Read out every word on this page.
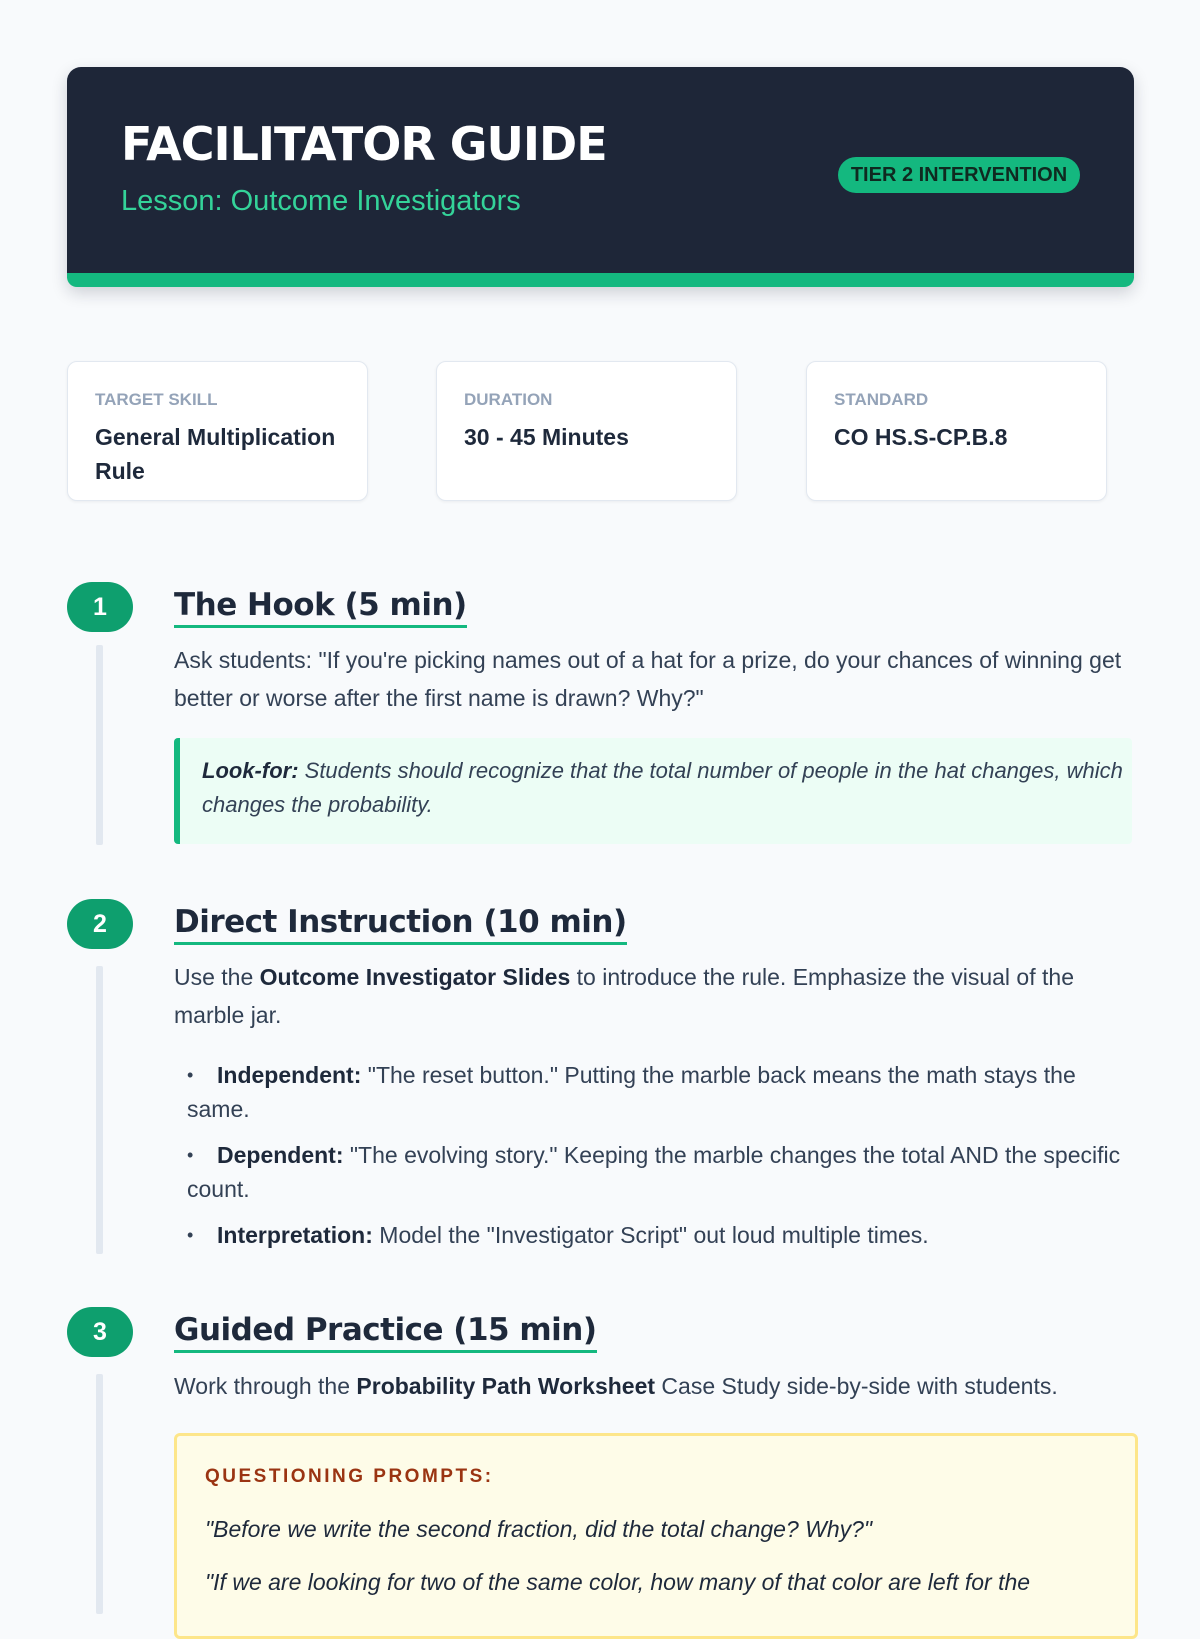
FACILITATOR GUIDE

Lesson: Outcome Investigators

TIER 2 INTERVENTION

TARGET SKILL

General Multiplication Rule

DURATION

30 - 45 Minutes

STANDARD

CO HS.S-CP.B.8

1	The Hook (5 min)

Ask students: "If you're picking names out of a hat for a prize, do your chances of winning get better or worse after the first name is drawn? Why?"

Look-for: Students should recognize that the total number of people in the hat changes, which changes the probability.
2	Direct Instruction (10 min)

Use the Outcome Investigator Slides to introduce the rule. Emphasize the visual of the marble jar.

• Independent: "The reset button." Putting the marble back means the math stays the same.
• Dependent: "The evolving story." Keeping the marble changes the total AND the specific count.
• Interpretation: Model the "Investigator Script" out loud multiple times.
3	Guided Practice (15 min)

Work through the Probability Path Worksheet Case Study side-by-side with students.

QUESTIONING PROMPTS:

"Before we write the second fraction, did the total change? Why?"

"If we are looking for two of the same color, how many of that color are left for the
